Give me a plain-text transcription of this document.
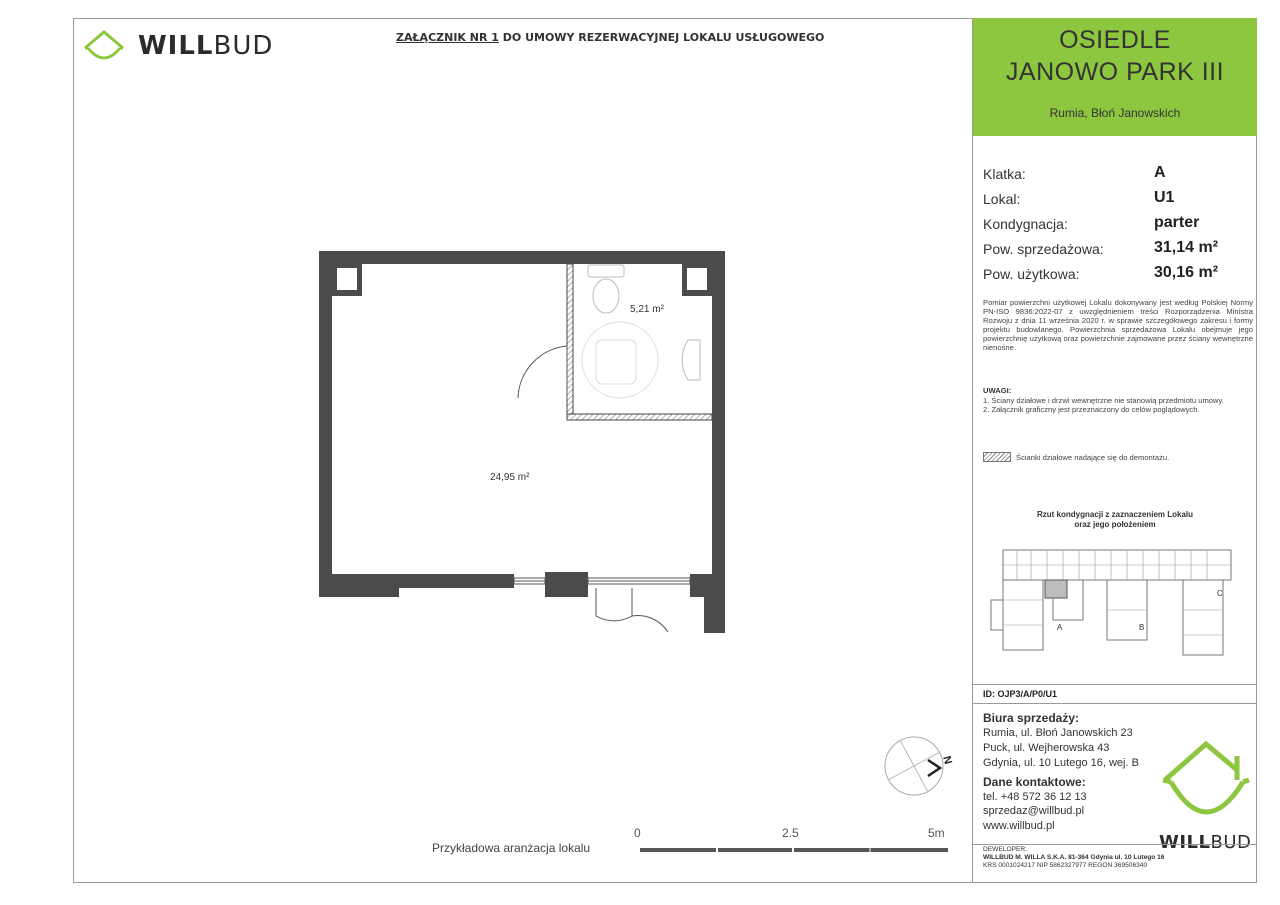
WILLBUD	ZAŁĄCZNIK NR 1 DO UMOWY REZERWACYJNEJ LOKALU USŁUGOWEGO
5,21 m²
24,95 m²
N
Przykładowa aranżacja lokalu
0	2.5	5m
OSIEDLE
JANOWO PARK III
Rumia, Błoń Janowskich
Klatka:	A
Lokal:	U1
Kondygnacja:	parter
Pow. sprzedażowa:	31,14 m²
Pow. użytkowa:	30,16 m²
Pomiar powierzchni użytkowej Lokalu dokonywany jest według Polskiej Normy PN-ISO 9836:2022-07 z uwzględnieniem treści Rozporządzenia Ministra Rozwoju z dnia 11 września 2020 r. w sprawie szczegółowego zakresu i formy projektu budowlanego. Powierzchnia sprzedażowa Lokalu obejmuje jego powierzchnię użytkową oraz powierzchnie zajmowane przez ściany wewnętrzne nienośne.
UWAGI:
1. Ściany działowe i drzwi wewnętrzne nie stanowią przedmiotu umowy.
2. Załącznik graficzny jest przeznaczony do celów poglądowych.
Ścianki działowe nadające się do demontażu.
Rzut kondygnacji z zaznaczeniem Lokalu
oraz jego położeniem
A	B
C
ID: OJP3/A/P0/U1
Biura sprzedaży:
Rumia, ul. Błoń Janowskich 23
Puck, ul. Wejherowska 43
Gdynia, ul. 10 Lutego 16, wej. B
Dane kontaktowe:
tel. +48 572 36 12 13
sprzedaz@willbud.pl
www.willbud.pl
WILLBUD
DEWELOPER:
WILLBUD M. WILLA S.K.A. 81-364 Gdynia ul. 10 Lutego 16
KRS 0001024217 NIP 5862327977 REGON 369506340
